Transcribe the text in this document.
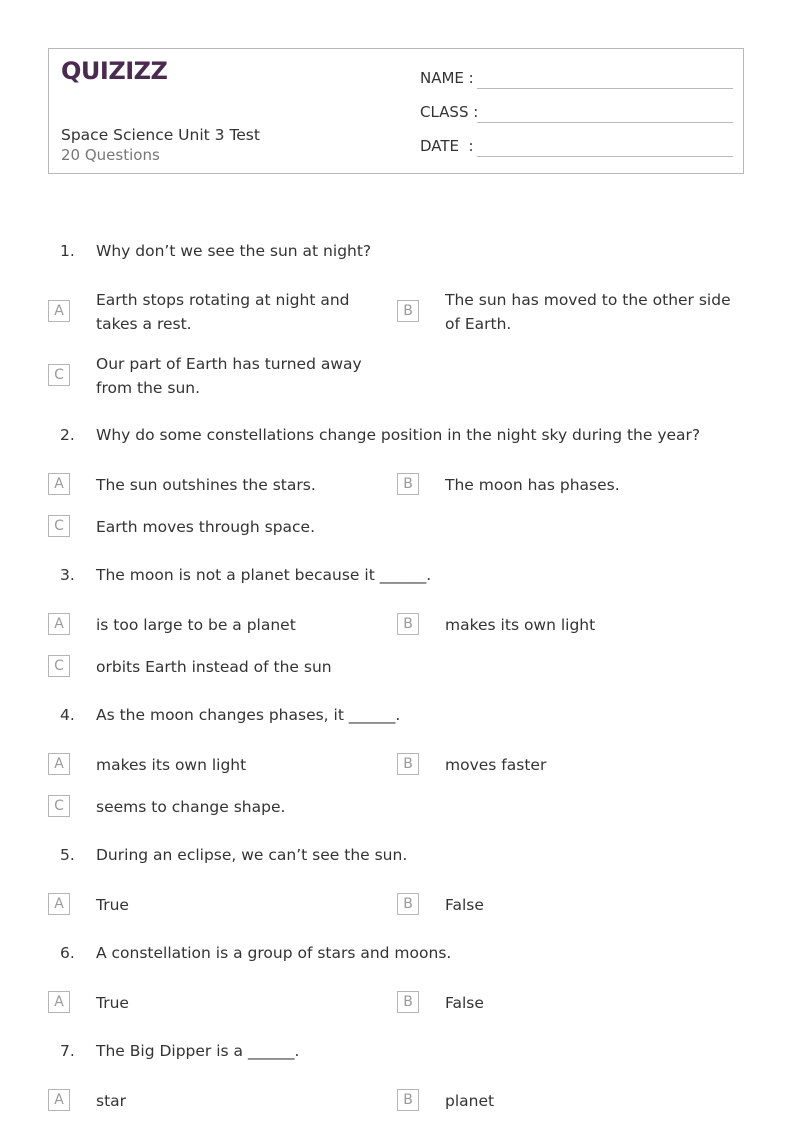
QUIZIZZ
Space Science Unit 3 Test
20 Questions
NAME :
CLASS :
DATE  :
1. Why don’t we see the sun at night?
A
Earth stops rotating at night and takes a rest.
B
The sun has moved to the other side of Earth.
C
Our part of Earth has turned away from the sun.
2. Why do some constellations change position in the night sky during the year?
A	The sun outshines the stars.	B	The moon has phases.
C	Earth moves through space.
3. The moon is not a planet because it ______.
A	is too large to be a planet	B	makes its own light
C	orbits Earth instead of the sun
4. As the moon changes phases, it ______.
A	makes its own light	B	moves faster
C	seems to change shape.
5. During an eclipse, we can’t see the sun.
A	True	B	False
6. A constellation is a group of stars and moons.
A	True	B	False
7. The Big Dipper is a ______.
A	star	B	planet
